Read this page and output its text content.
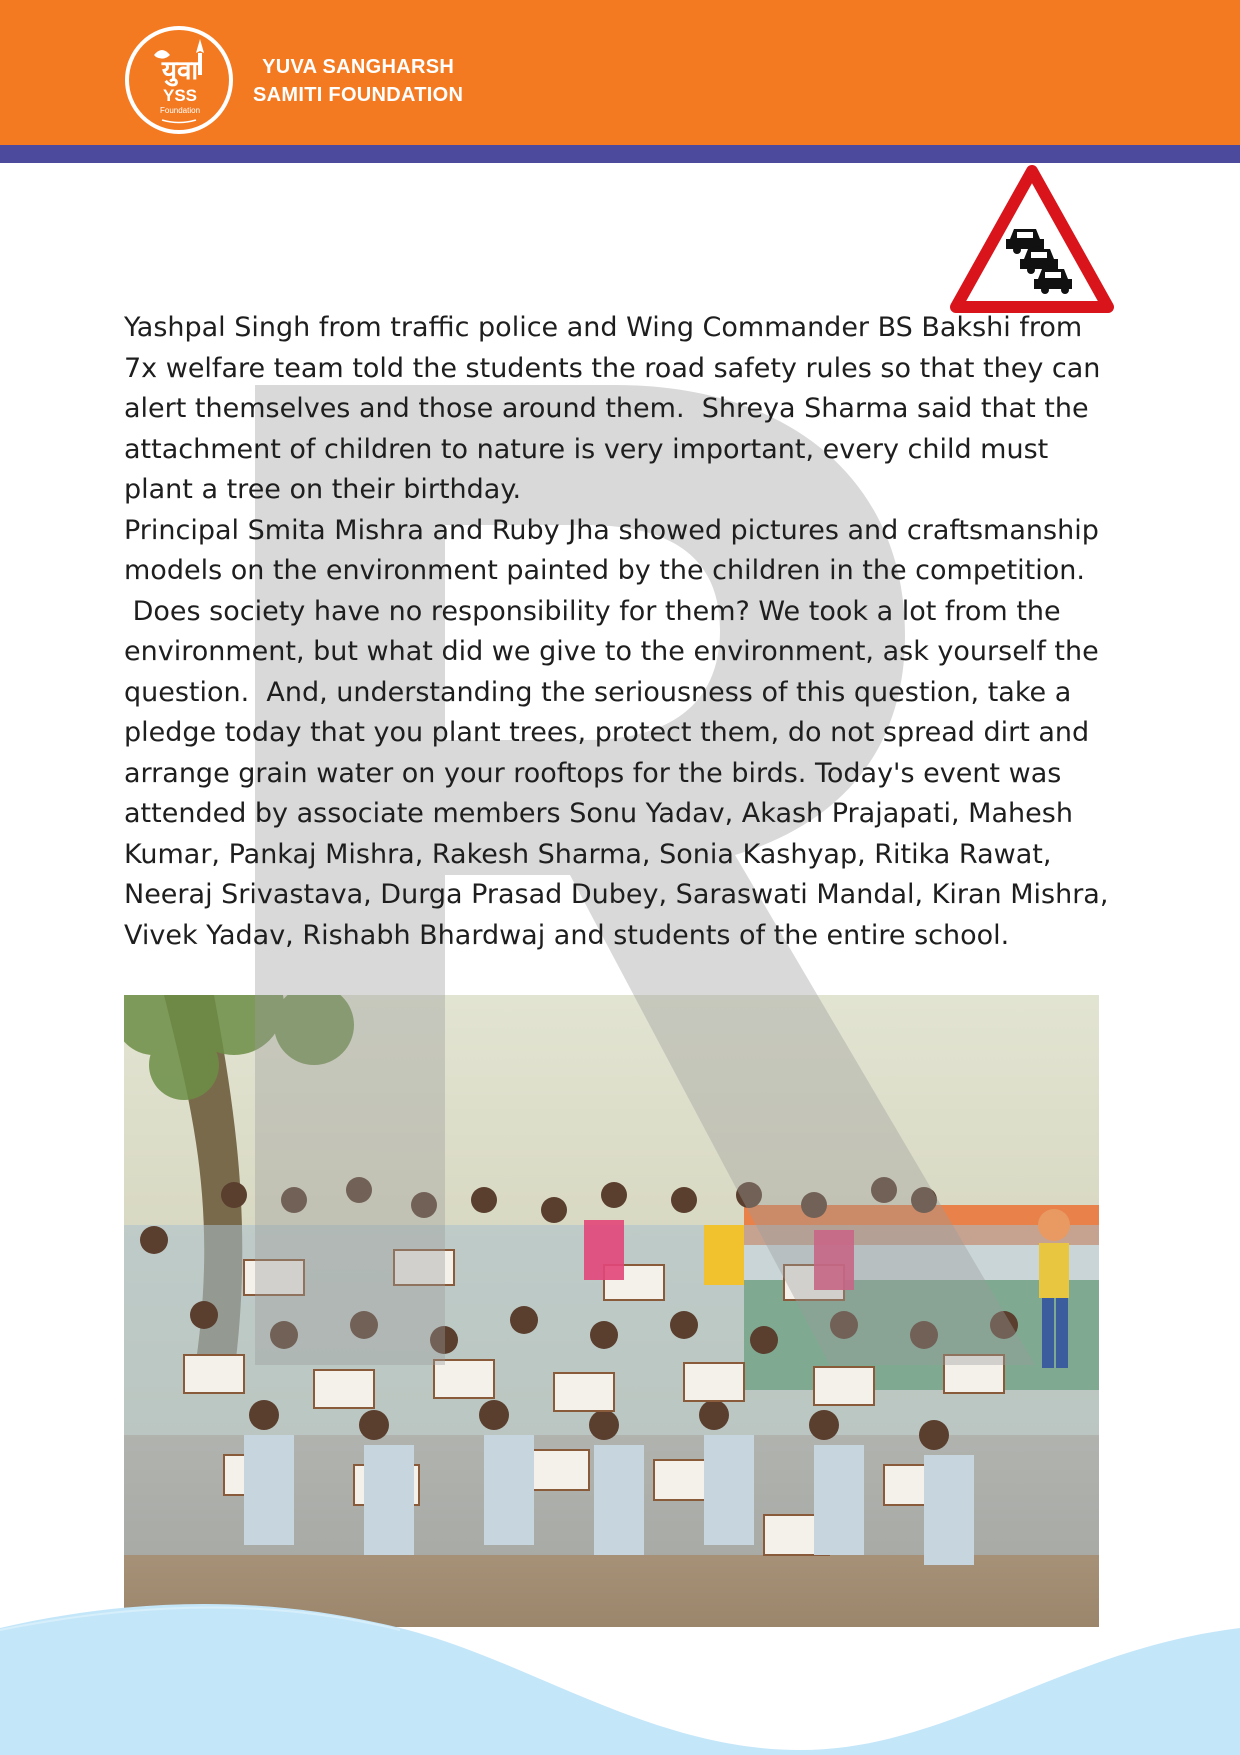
युवा
YSS
Foundation
YUVA SANGHARSH
SAMITI FOUNDATION
Yashpal Singh from traffic police and Wing Commander BS Bakshi from
7x welfare team told the students the road safety rules so that they can
alert themselves and those around them.  Shreya Sharma said that the
attachment of children to nature is very important, every child must
plant a tree on their birthday.
Principal Smita Mishra and Ruby Jha showed pictures and craftsmanship
models on the environment painted by the children in the competition.
Does society have no responsibility for them? We took a lot from the
environment, but what did we give to the environment, ask yourself the
question.  And, understanding the seriousness of this question, take a
pledge today that you plant trees, protect them, do not spread dirt and
arrange grain water on your rooftops for the birds. Today's event was
attended by associate members Sonu Yadav, Akash Prajapati, Mahesh
Kumar, Pankaj Mishra, Rakesh Sharma, Sonia Kashyap, Ritika Rawat,
Neeraj Srivastava, Durga Prasad Dubey, Saraswati Mandal, Kiran Mishra,
Vivek Yadav, Rishabh Bhardwaj and students of the entire school.
